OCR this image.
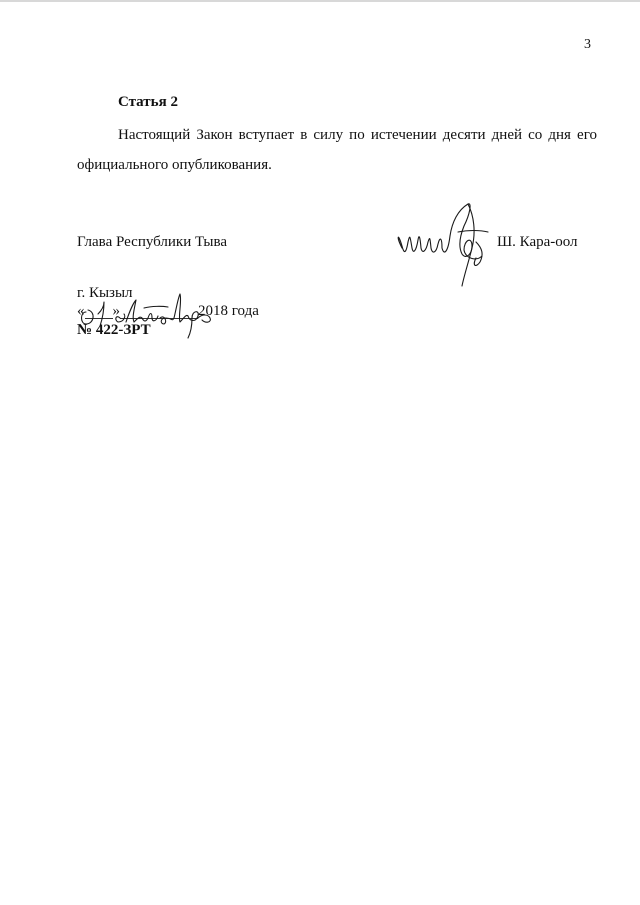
3
Статья 2

Настоящий Закон вступает в силу по истечении десяти дней со дня его официального опубликования.

Глава Республики Тыва	Ш. Кара-оол
г. Кызыл
« »	2018 года
№ 422-ЗРТ
